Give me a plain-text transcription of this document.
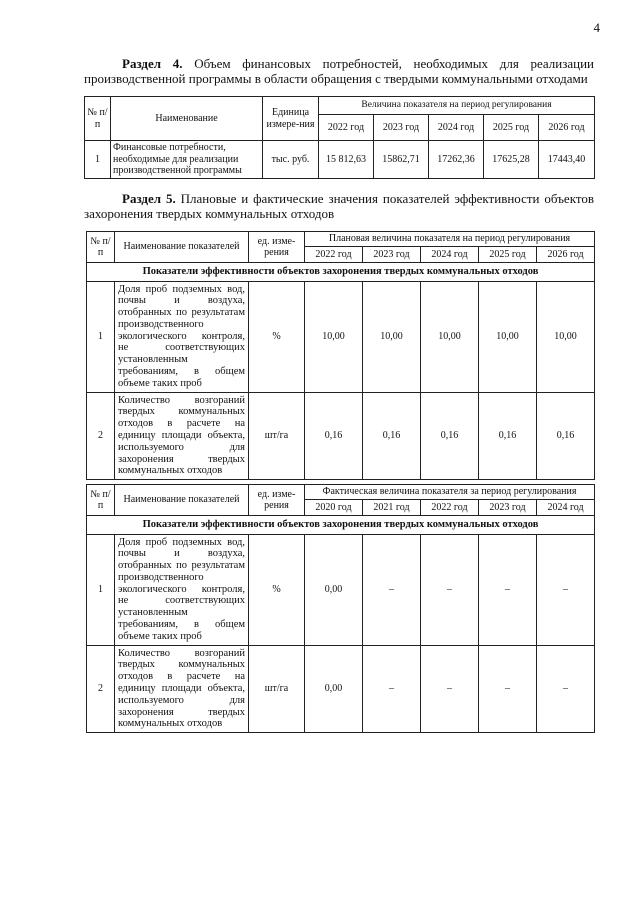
4
Раздел 4. Объем финансовых потребностей, необходимых для реализации производственной программы в области обращения с твердыми коммунальными отходами
№ п/ п	Наименование	Единица измере-ния	Величина показателя на период регулирования				
			2022 год	2023 год	2024 год	2025 год	2026 год
1	Финансовые потребности, необходимые для реализации производственной программы	тыс. руб.	15 812,63	15862,71	17262,36	17625,28	17443,40
Раздел 5. Плановые и фактические значения показателей эффективности объектов захоронения твердых коммунальных отходов
№ п/п	Наименование показателей	ед. изме-рения	Плановая величина показателя на период регулирования				
			2022 год	2023 год	2024 год	2025 год	2026 год
Показатели эффективности объектов захоронения твердых коммунальных отходов							
1	Доля проб подземных вод, почвы и воздуха, отобранных по результатам производственного экологического контроля, не соответствующих установленным требованиям, в общем объеме таких проб	%	10,00	10,00	10,00	10,00	10,00
2	Количество возгораний твердых коммунальных отходов в расчете на единицу площади объекта, используемого для захоронения твердых коммунальных отходов	шт/га	0,16	0,16	0,16	0,16	0,16
№ п/п	Наименование показателей	ед. изме-рения	Фактическая величина показателя за период регулирования				
			2020 год	2021 год	2022 год	2023 год	2024 год
Показатели эффективности объектов захоронения твердых коммунальных отходов							
1	Доля проб подземных вод, почвы и воздуха, отобранных по результатам производственного экологического контроля, не соответствующих установленным требованиям, в общем объеме таких проб	%	0,00	–	–	–	–
2	Количество возгораний твердых коммунальных отходов в расчете на единицу площади объекта, используемого для захоронения твердых коммунальных отходов	шт/га	0,00	–	–	–	–
